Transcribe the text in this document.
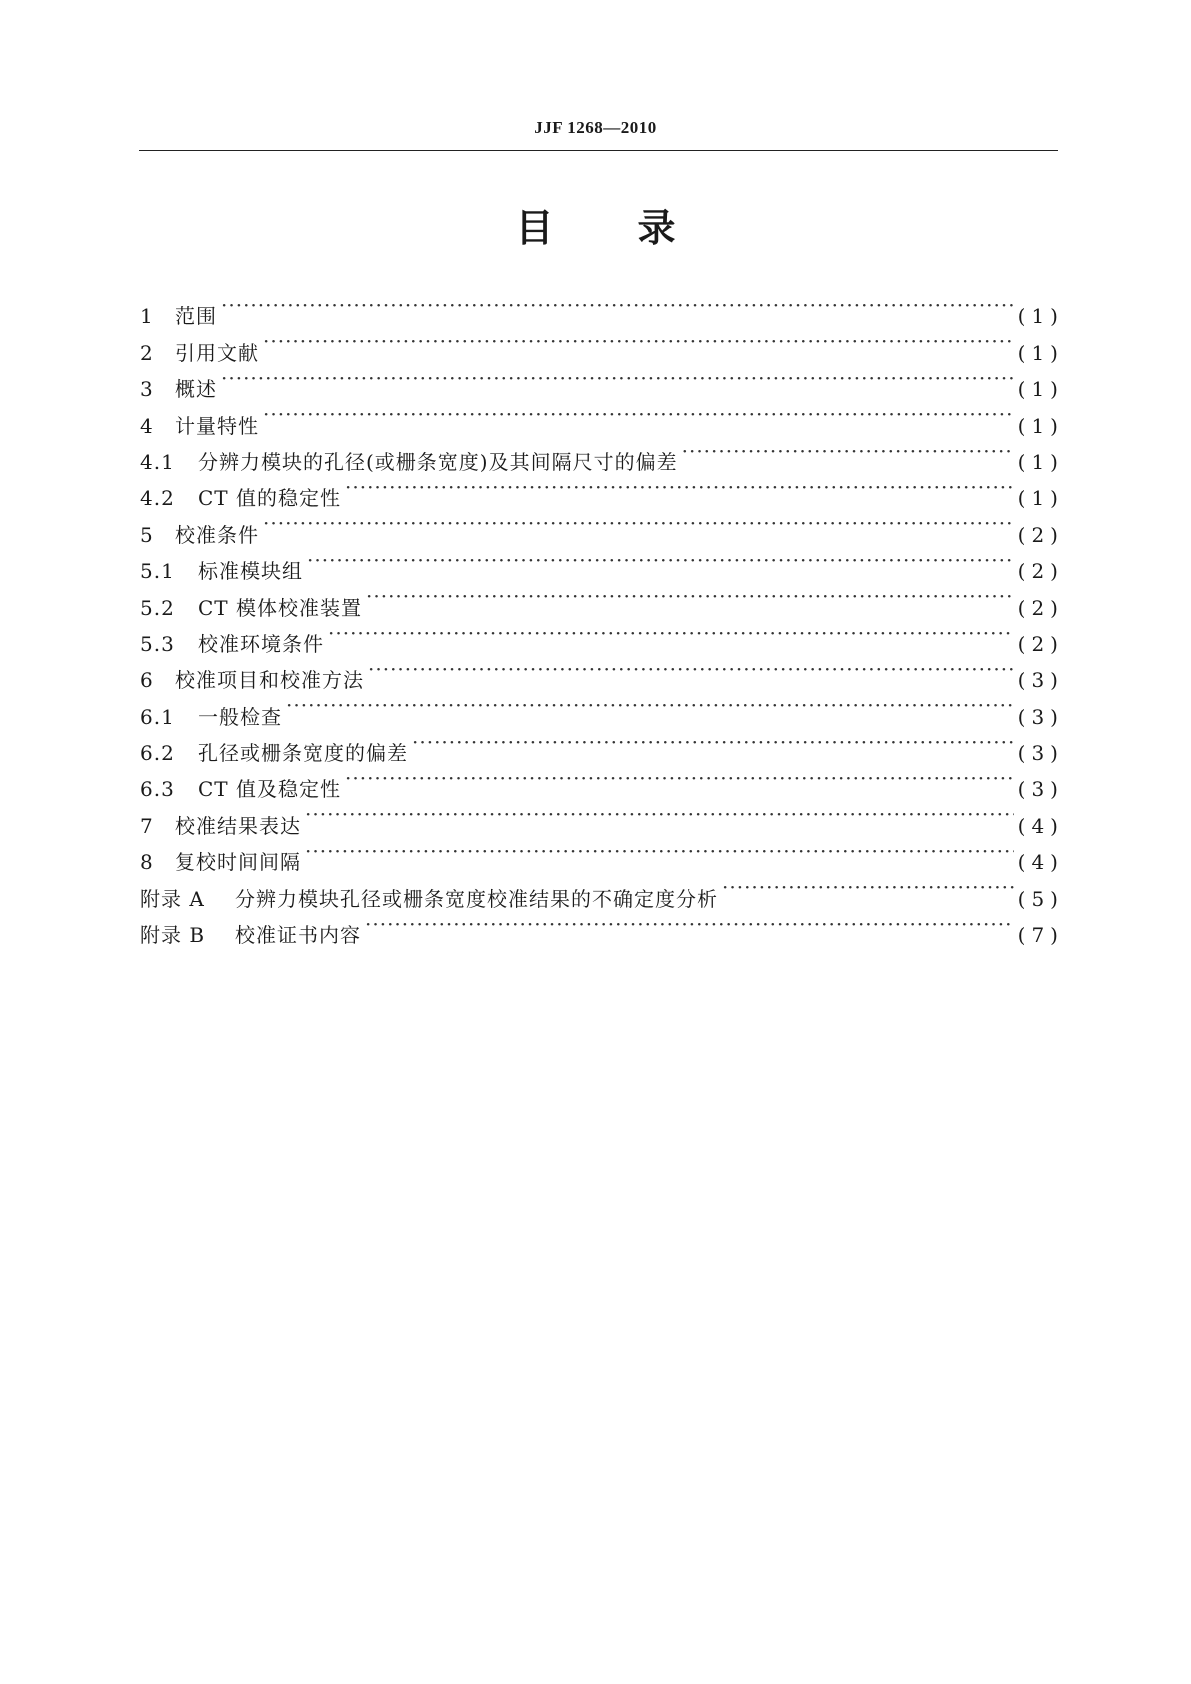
JJF 1268—2010
目 录
1	范围 ·····	(1)
2	引用文献 ·····	(1)
3	概述 ·····	(1)
4	计量特性 ·····	(1)
4.1	分辨力模块的孔径(或栅条宽度)及其间隔尺寸的偏差 ·····	(1)
4.2	CT 值的稳定性 ·····	(1)
5	校准条件 ·····	(2)
5.1	标准模块组 ·····	(2)
5.2	CT 模体校准装置 ·····	(2)
5.3	校准环境条件 ·····	(2)
6	校准项目和校准方法 ·····	(3)
6.1	一般检查 ·····	(3)
6.2	孔径或栅条宽度的偏差 ·····	(3)
6.3	CT 值及稳定性 ·····	(3)
7	校准结果表达 ·····	(4)
8	复校时间间隔 ·····	(4)
附录 A	分辨力模块孔径或栅条宽度校准结果的不确定度分析 ·····	(5)
附录 B	校准证书内容 ·····	(7)
